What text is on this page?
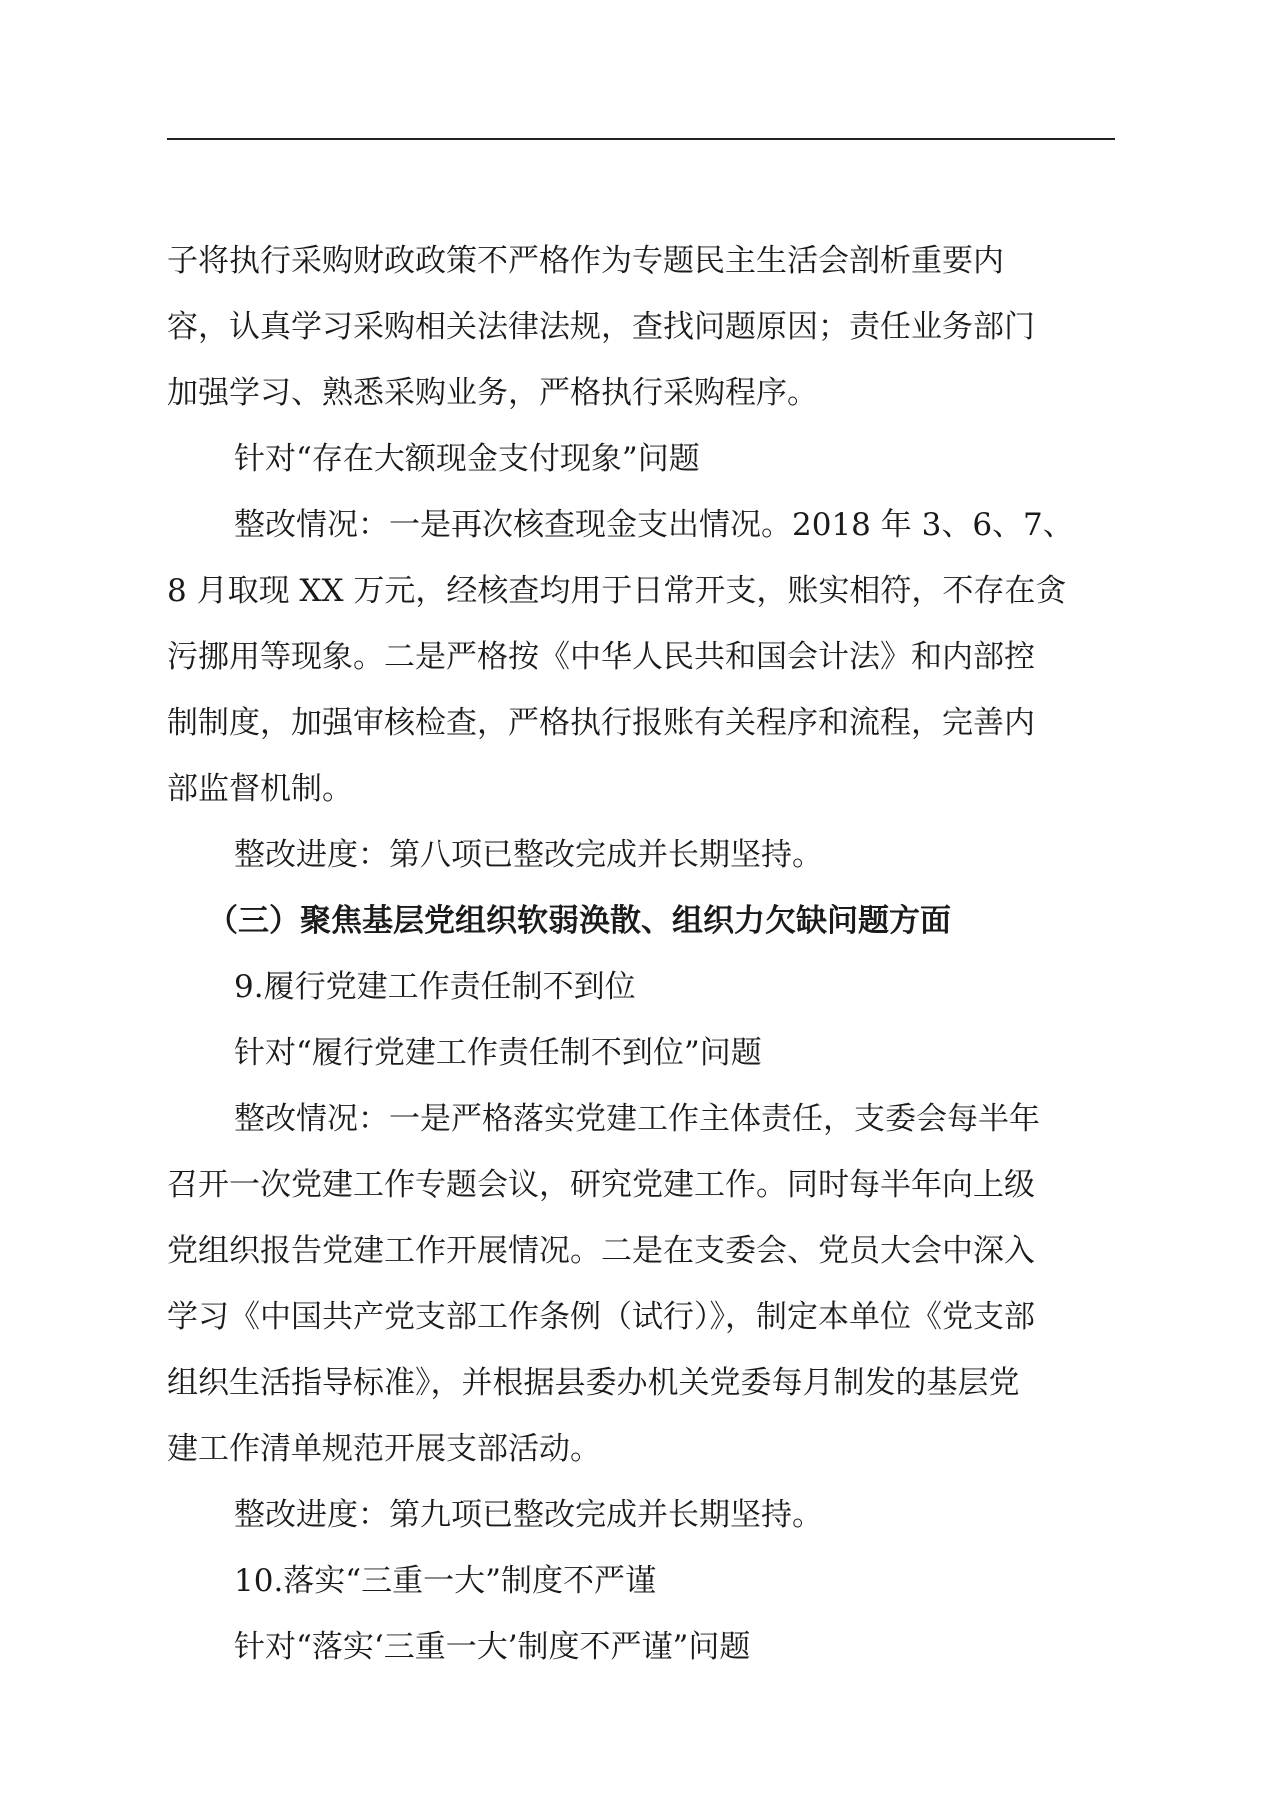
子将执行采购财政政策不严格作为专题民主生活会剖析重要内
容，认真学习采购相关法律法规，查找问题原因；责任业务部门
加强学习、熟悉采购业务，严格执行采购程序。
针对“存在大额现金支付现象”问题
整改情况：一是再次核查现金支出情况。2018 年 3、6、7、
8 月取现 XX 万元，经核查均用于日常开支，账实相符，不存在贪
污挪用等现象。二是严格按《中华人民共和国会计法》和内部控
制制度，加强审核检查，严格执行报账有关程序和流程，完善内
部监督机制。
整改进度：第八项已整改完成并长期坚持。
（三）聚焦基层党组织软弱涣散、组织力欠缺问题方面
9.履行党建工作责任制不到位
针对“履行党建工作责任制不到位”问题
整改情况：一是严格落实党建工作主体责任，支委会每半年
召开一次党建工作专题会议，研究党建工作。同时每半年向上级
党组织报告党建工作开展情况。二是在支委会、党员大会中深入
学习《中国共产党支部工作条例（试行）》，制定本单位《党支部
组织生活指导标准》，并根据县委办机关党委每月制发的基层党
建工作清单规范开展支部活动。
整改进度：第九项已整改完成并长期坚持。
10.落实“三重一大”制度不严谨
针对“落实‘三重一大’制度不严谨”问题
